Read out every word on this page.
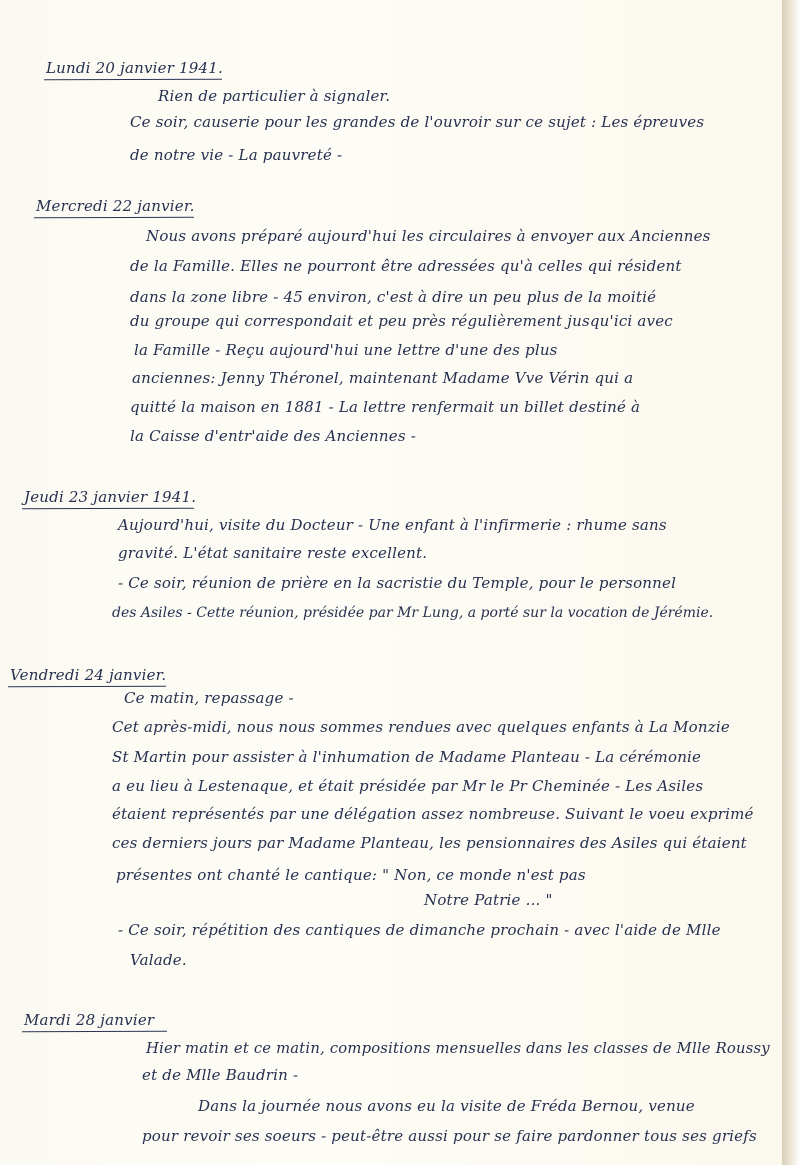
Lundi 20 janvier 1941.
Rien de particulier à signaler.
Ce soir, causerie pour les grandes de l'ouvroir sur ce sujet : Les épreuves
de notre vie - La pauvreté -
Mercredi 22 janvier.
Nous avons préparé aujourd'hui les circulaires à envoyer aux Anciennes
de la Famille. Elles ne pourront être adressées qu'à celles qui résident
dans la zone libre - 45 environ, c'est à dire un peu plus de la moitié
du groupe qui correspondait et peu près régulièrement jusqu'ici avec
la Famille - Reçu aujourd'hui une lettre d'une des plus
anciennes: Jenny Théronel, maintenant Madame Vve Vérin qui a
quitté la maison en 1881 - La lettre renfermait un billet destiné à
la Caisse d'entr'aide des Anciennes -
Jeudi 23 janvier 1941.
Aujourd'hui, visite du Docteur - Une enfant à l'infirmerie : rhume sans
gravité. L'état sanitaire reste excellent.
- Ce soir, réunion de prière en la sacristie du Temple, pour le personnel
des Asiles - Cette réunion, présidée par Mr Lung, a porté sur la vocation de Jérémie.
Vendredi 24 janvier.
Ce matin, repassage -
Cet après-midi, nous nous sommes rendues avec quelques enfants à La Monzie
St Martin pour assister à l'inhumation de Madame Planteau - La cérémonie
a eu lieu à Lestenaque, et était présidée par Mr le Pr Cheminée - Les Asiles
étaient représentés par une délégation assez nombreuse. Suivant le voeu exprimé
ces derniers jours par Madame Planteau, les pensionnaires des Asiles qui étaient
présentes ont chanté le cantique: " Non, ce monde n'est pas
Notre Patrie ... "
- Ce soir, répétition des cantiques de dimanche prochain - avec l'aide de Mlle
Valade.
Mardi 28 janvier
Hier matin et ce matin, compositions mensuelles dans les classes de Mlle Roussy
et de Mlle Baudrin -
Dans la journée nous avons eu la visite de Fréda Bernou, venue
pour revoir ses soeurs - peut-être aussi pour se faire pardonner tous ses griefs
